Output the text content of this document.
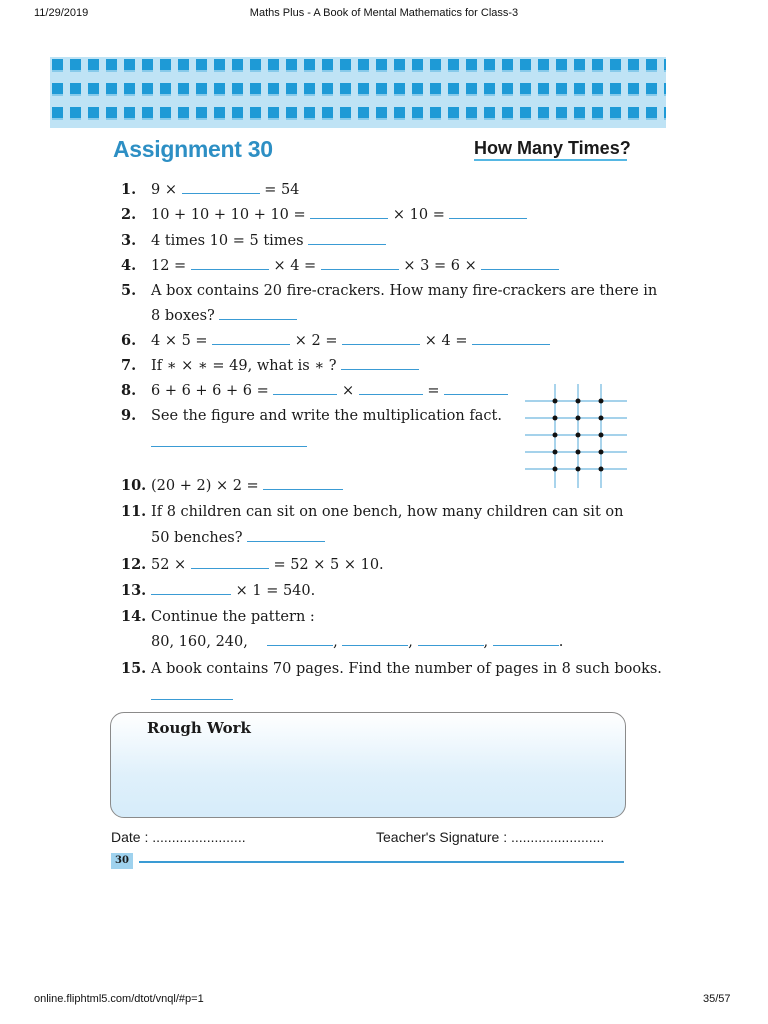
11/29/2019	Maths Plus - A Book of Mental Mathematics for Class-3
Assignment 30	How Many Times?
1. 9 ×	= 54
2. 10 + 10 + 10 + 10 =	× 10 =
3. 4 times 10 = 5 times
4. 12 =	× 4 =	× 3 = 6 ×
5. A box contains 20 fire-crackers. How many fire-crackers are there in
8 boxes?
6. 4 × 5 =	× 2 =	× 4 =
7. If ∗ × ∗ = 49, what is ∗ ?
8. 6 + 6 + 6 + 6 =	×	=
9. See the figure and write the multiplication fact.
10. (20 + 2) × 2 =
11. If 8 children can sit on one bench, how many children can sit on
50 benches?
12. 52 ×	= 52 × 5 × 10.
13.	× 1 = 540.
14. Continue the pattern :
80, 160, 240,	,	,	,	.
15. A book contains 70 pages. Find the number of pages in 8 such books.
Rough Work
Date : ........................	Teacher's Signature : ........................
30
online.fliphtml5.com/dtot/vnql/#p=1	35/57
